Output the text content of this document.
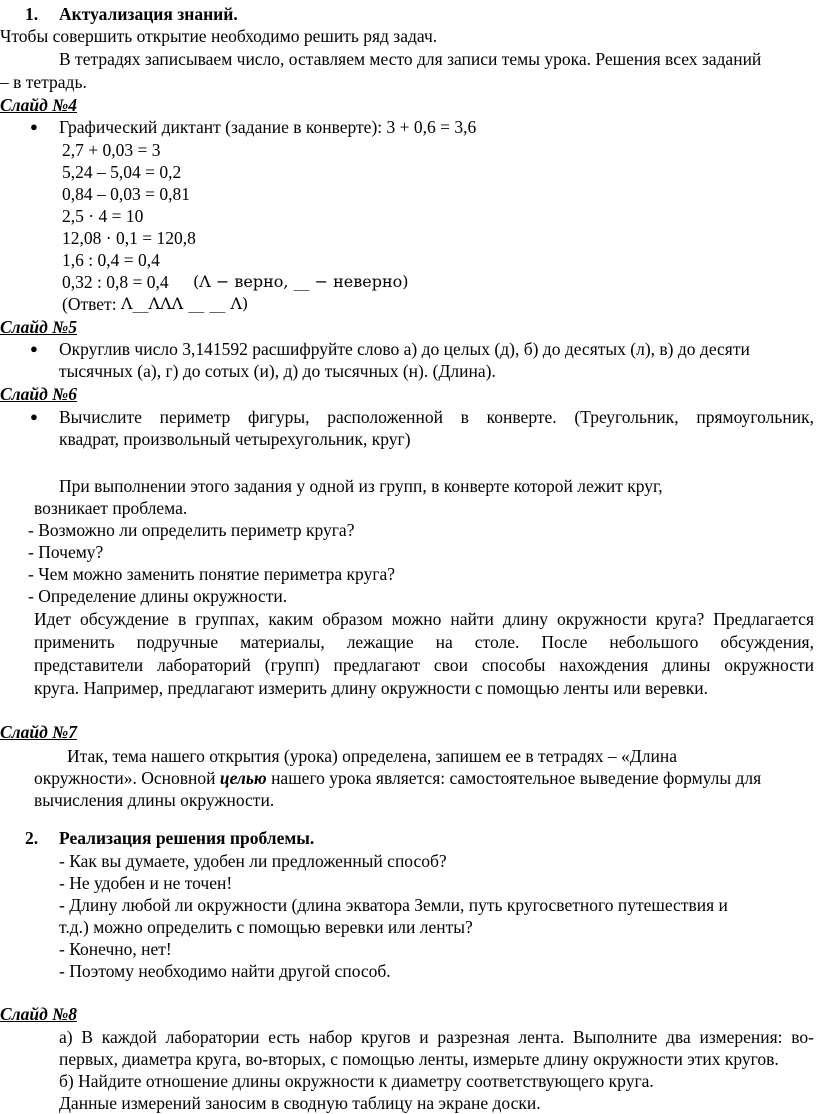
1. Актуализация знаний.
Чтобы совершить открытие необходимо решить ряд задач.
В тетрадях записываем число, оставляем место для записи темы урока. Решения всех заданий
– в тетрадь.
Слайд №4
● Графический диктант (задание в конверте): 3 + 0,6 = 3,6
2,7 + 0,03 = 3
5,24 – 5,04 = 0,2
0,84 – 0,03 = 0,81
2,5 · 4 = 10
12,08 · 0,1 = 120,8
1,6 : 0,4 = 0,4
0,32 : 0,8 = 0,4 (Λ − верно, __ − неверно)
(Ответ: Λ__ΛΛΛ __ __ Λ)
Слайд №5
● Округлив число 3,141592 расшифруйте слово а) до целых (д), б) до десятых (л), в) до десяти
тысячных (а), г) до сотых (и), д) до тысячных (н). (Длина).
Слайд №6
● Вычислите периметр фигуры, расположенной в конверте. (Треугольник, прямоугольник,
квадрат, произвольный четырехугольник, круг)
При выполнении этого задания у одной из групп, в конверте которой лежит круг,
возникает проблема.
- Возможно ли определить периметр круга?
- Почему?
- Чем можно заменить понятие периметра круга?
- Определение длины окружности.
Идет обсуждение в группах, каким образом можно найти длину окружности круга? Предлагается
применить подручные материалы, лежащие на столе. После небольшого обсуждения,
представители лабораторий (групп) предлагают свои способы нахождения длины окружности
круга. Например, предлагают измерить длину окружности с помощью ленты или веревки.
Слайд №7
Итак, тема нашего открытия (урока) определена, запишем ее в тетрадях – «Длина
окружности». Основной целью нашего урока является: самостоятельное выведение формулы для
вычисления длины окружности.
2. Реализация решения проблемы.
- Как вы думаете, удобен ли предложенный способ?
- Не удобен и не точен!
- Длину любой ли окружности (длина экватора Земли, путь кругосветного путешествия и
т.д.) можно определить с помощью веревки или ленты?
- Конечно, нет!
- Поэтому необходимо найти другой способ.
Слайд №8
а) В каждой лаборатории есть набор кругов и разрезная лента. Выполните два измерения: во-
первых, диаметра круга, во-вторых, с помощью ленты, измерьте длину окружности этих кругов.
б) Найдите отношение длины окружности к диаметру соответствующего круга.
Данные измерений заносим в сводную таблицу на экране доски.
